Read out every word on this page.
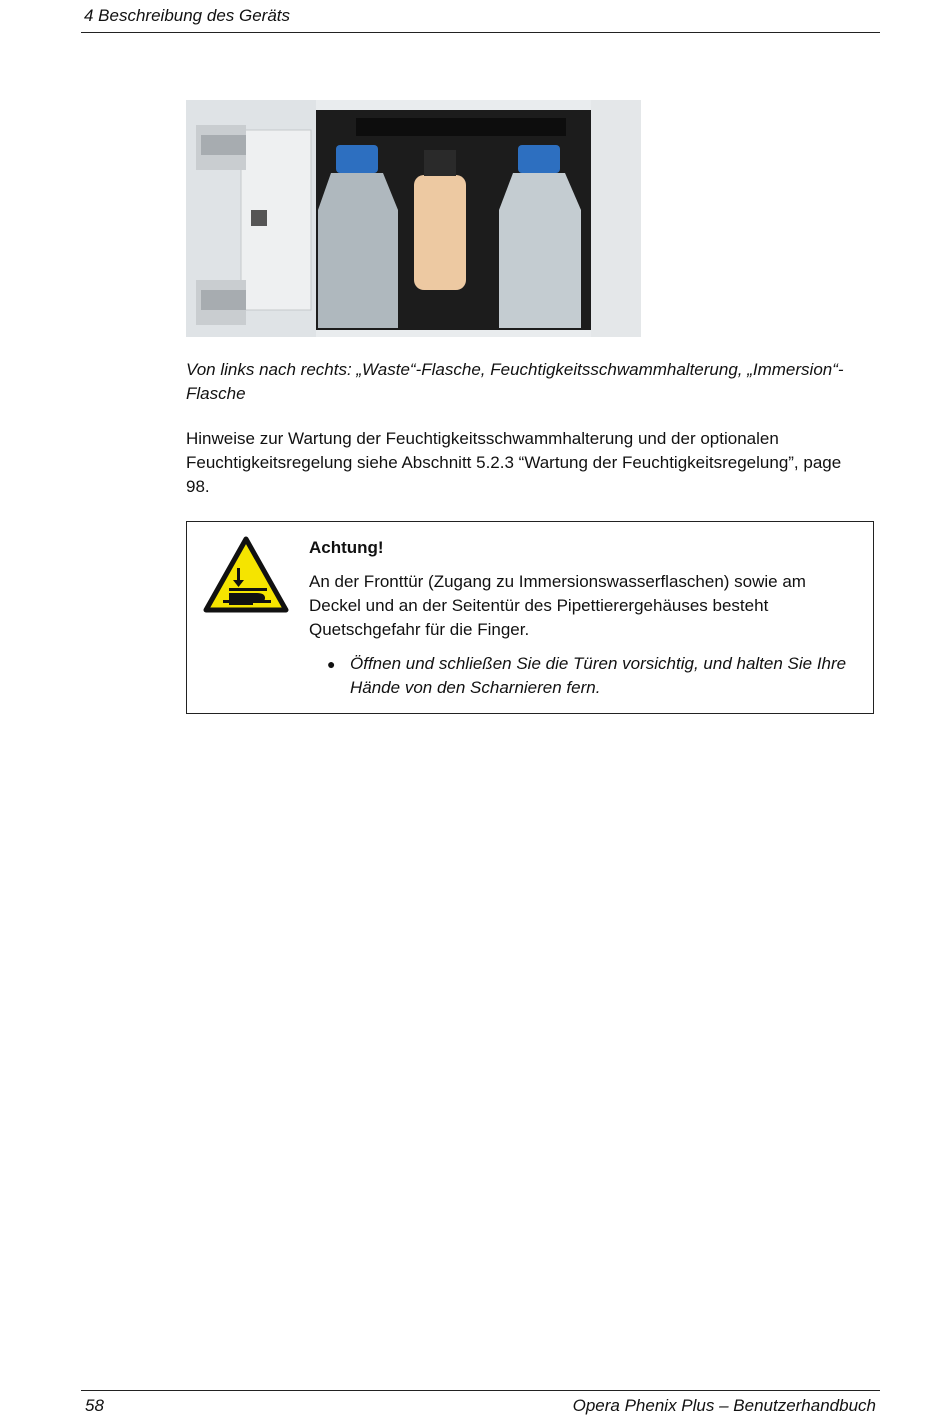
4 Beschreibung des Geräts
Von links nach rechts: „Waste“-Flasche, Feuchtigkeitsschwammhalterung, „Immersion“-Flasche
Hinweise zur Wartung der Feuchtigkeitsschwammhalterung und der optionalen Feuchtigkeitsregelung siehe Abschnitt 5.2.3 “Wartung der Feuchtigkeitsregelung”, page 98.
Achtung!
An der Fronttür (Zugang zu Immersionswasserflaschen) sowie am Deckel und an der Seitentür des Pipettierergehäuses besteht Quetschgefahr für die Finger.
● Öffnen und schließen Sie die Türen vorsichtig, und halten Sie Ihre Hände von den Scharnieren fern.
58	Opera Phenix Plus – Benutzerhandbuch
